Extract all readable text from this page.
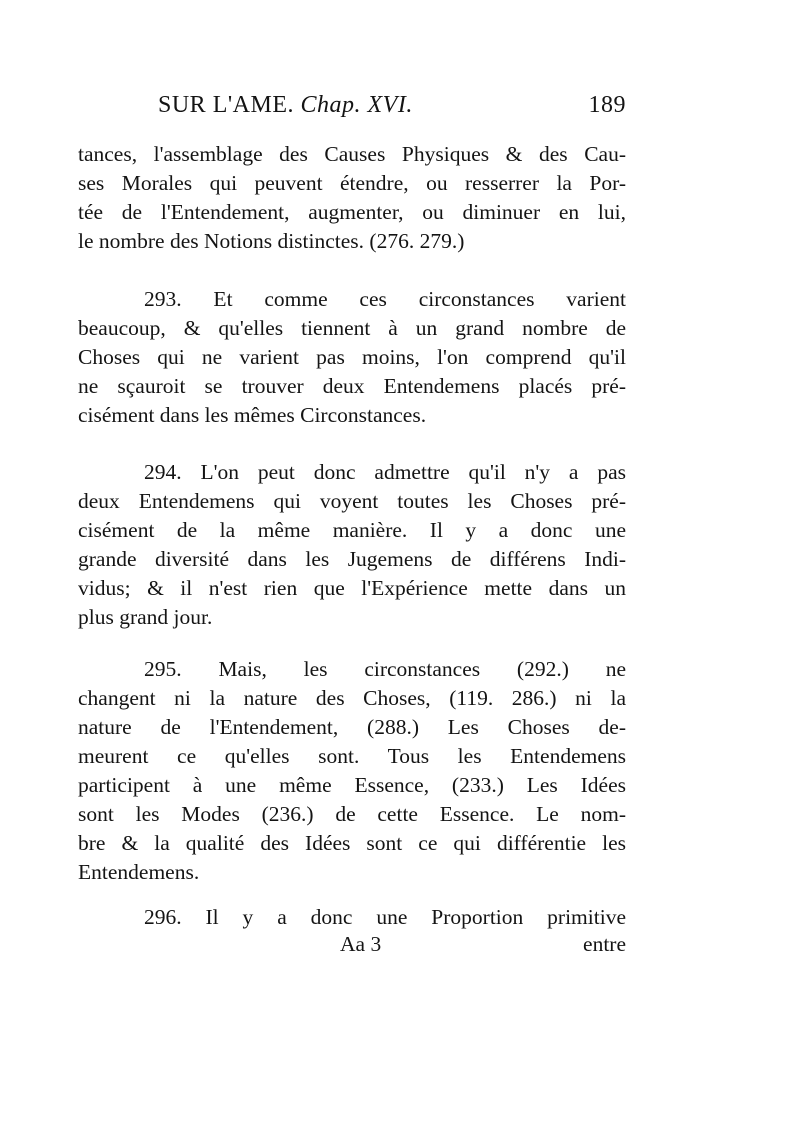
SUR L'AME. Chap. XVI.	189
tances, l'assemblage des Causes Physiques & des Cau-
ses Morales qui peuvent étendre, ou resserrer la Por-
tée de l'Entendement, augmenter, ou diminuer en lui,
le nombre des Notions distinctes. (276. 279.)
293. Et comme ces circonstances varient
beaucoup, & qu'elles tiennent à un grand nombre de
Choses qui ne varient pas moins, l'on comprend qu'il
ne sçauroit se trouver deux Entendemens placés pré-
cisément dans les mêmes Circonstances.
294. L'on peut donc admettre qu'il n'y a pas
deux Entendemens qui voyent toutes les Choses pré-
cisément de la même manière. Il y a donc une
grande diversité dans les Jugemens de différens Indi-
vidus; & il n'est rien que l'Expérience mette dans un
plus grand jour.
295. Mais, les circonstances (292.) ne
changent ni la nature des Choses, (119. 286.) ni la
nature de l'Entendement, (288.) Les Choses de-
meurent ce qu'elles sont. Tous les Entendemens
participent à une même Essence, (233.) Les Idées
sont les Modes (236.) de cette Essence. Le nom-
bre & la qualité des Idées sont ce qui différentie les
Entendemens.
296. Il y a donc une Proportion primitive
Aa 3	entre
